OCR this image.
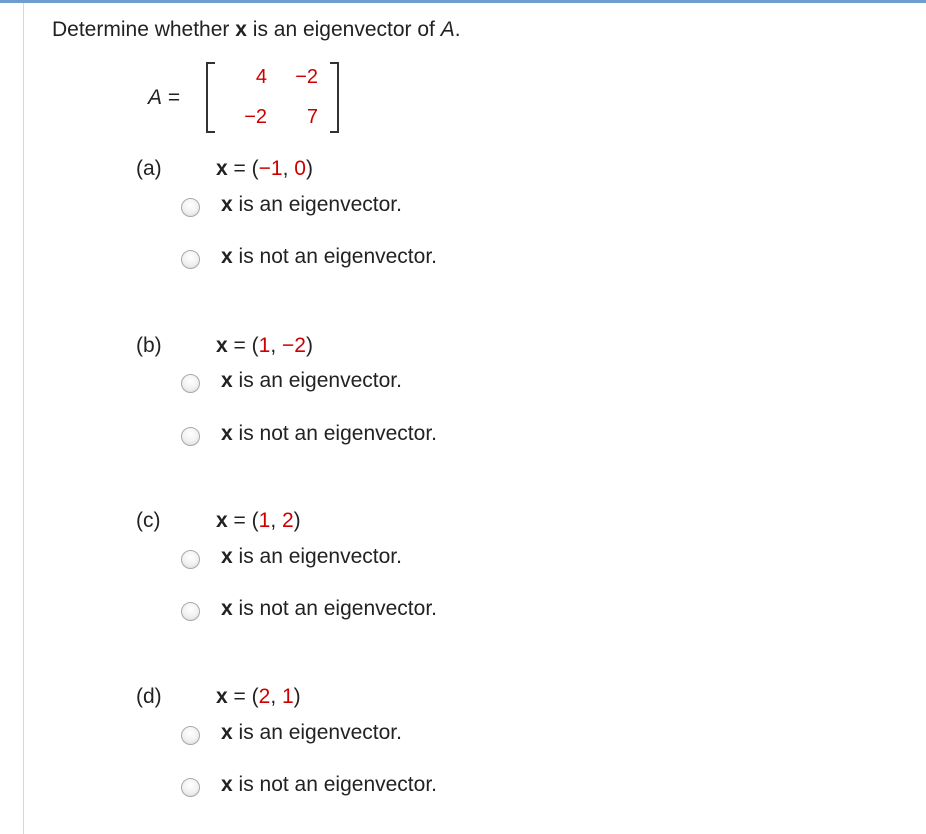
Determine whether x is an eigenvector of A.
A =
4	−2
−2	7
(a)	x = (−1, 0)
x is an eigenvector.
x is not an eigenvector.
(b)	x = (1, −2)
x is an eigenvector.
x is not an eigenvector.
(c)	x = (1, 2)
x is an eigenvector.
x is not an eigenvector.
(d)	x = (2, 1)
x is an eigenvector.
x is not an eigenvector.
